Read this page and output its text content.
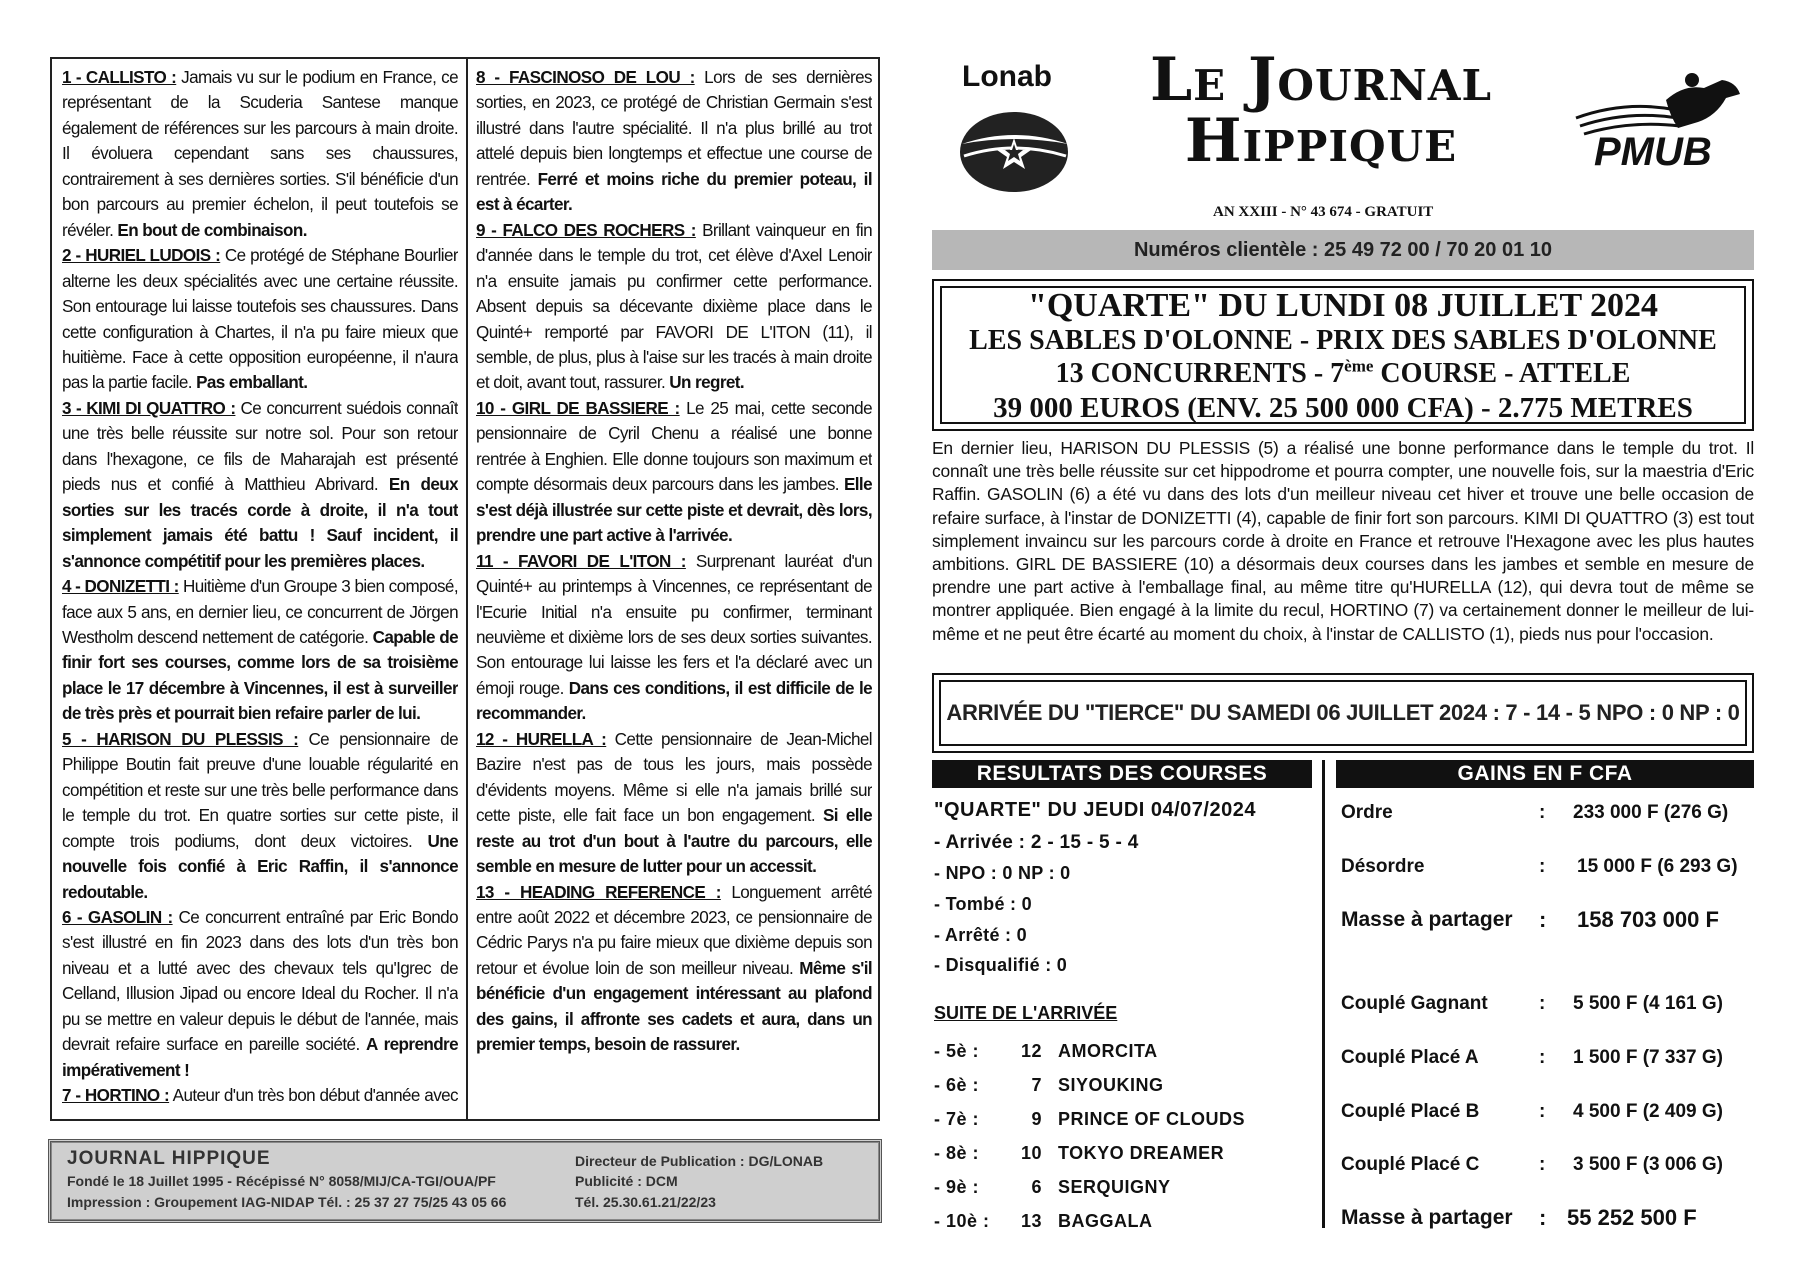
1 - CALLISTO : Jamais vu sur le podium en France, ce représentant de la Scuderia Santese manque également de références sur les parcours à main droite. Il évoluera cependant sans ses chaussures, contrairement à ses dernières sorties. S'il bénéficie d'un bon parcours au premier échelon, il peut toutefois se révéler. En bout de combinaison.

2 - HURIEL LUDOIS : Ce protégé de Stéphane Bourlier alterne les deux spécialités avec une certaine réussite. Son entourage lui laisse toutefois ses chaussures. Dans cette configuration à Chartes, il n'a pu faire mieux que huitième. Face à cette opposition européenne, il n'aura pas la partie facile. Pas emballant.

3 - KIMI DI QUATTRO : Ce concurrent suédois connaît une très belle réussite sur notre sol. Pour son retour dans l'hexagone, ce fils de Maharajah est présenté pieds nus et confié à Matthieu Abrivard. En deux sorties sur les tracés corde à droite, il n'a tout simplement jamais été battu ! Sauf incident, il s'annonce compétitif pour les premières places.

4 - DONIZETTI : Huitième d'un Groupe 3 bien composé, face aux 5 ans, en dernier lieu, ce concurrent de Jörgen Westholm descend nettement de catégorie. Capable de finir fort ses courses, comme lors de sa troisième place le 17 décembre à Vincennes, il est à surveiller de très près et pourrait bien refaire parler de lui.

5 - HARISON DU PLESSIS : Ce pensionnaire de Philippe Boutin fait preuve d'une louable régularité en compétition et reste sur une très belle performance dans le temple du trot. En quatre sorties sur cette piste, il compte trois podiums, dont deux victoires. Une nouvelle fois confié à Eric Raffin, il s'annonce redoutable.

6 - GASOLIN : Ce concurrent entraîné par Eric Bondo s'est illustré en fin 2023 dans des lots d'un très bon niveau et a lutté avec des chevaux tels qu'Igrec de Celland, Illusion Jipad ou encore Ideal du Rocher. Il n'a pu se mettre en valeur depuis le début de l'année, mais devrait refaire surface en pareille société. A reprendre impérativement !

7 - HORTINO : Auteur d'un très bon début d'année avec

8 - FASCINOSO DE LOU : Lors de ses dernières sorties, en 2023, ce protégé de Christian Germain s'est illustré dans l'autre spécialité. Il n'a plus brillé au trot attelé depuis bien longtemps et effectue une course de rentrée. Ferré et moins riche du premier poteau, il est à écarter.

9 - FALCO DES ROCHERS : Brillant vainqueur en fin d'année dans le temple du trot, cet élève d'Axel Lenoir n'a ensuite jamais pu confirmer cette performance. Absent depuis sa décevante dixième place dans le Quinté+ remporté par FAVORI DE L'ITON (11), il semble, de plus, plus à l'aise sur les tracés à main droite et doit, avant tout, rassurer. Un regret.

10 - GIRL DE BASSIERE : Le 25 mai, cette seconde pensionnaire de Cyril Chenu a réalisé une bonne rentrée à Enghien. Elle donne toujours son maximum et compte désormais deux parcours dans les jambes. Elle s'est déjà illustrée sur cette piste et devrait, dès lors, prendre une part active à l'arrivée.

11 - FAVORI DE L'ITON : Surprenant lauréat d'un Quinté+ au printemps à Vincennes, ce représentant de l'Ecurie Initial n'a ensuite pu confirmer, terminant neuvième et dixième lors de ses deux sorties suivantes. Son entourage lui laisse les fers et l'a déclaré avec un émoji rouge. Dans ces conditions, il est difficile de le recommander.

12 - HURELLA : Cette pensionnaire de Jean-Michel Bazire n'est pas de tous les jours, mais possède d'évidents moyens. Même si elle n'a jamais brillé sur cette piste, elle fait face un bon engagement. Si elle reste au trot d'un bout à l'autre du parcours, elle semble en mesure de lutter pour un accessit.

13 - HEADING REFERENCE : Longuement arrêté entre août 2022 et décembre 2023, ce pensionnaire de Cédric Parys n'a pu faire mieux que dixième depuis son retour et évolue loin de son meilleur niveau. Même s'il bénéficie d'un engagement intéressant au plafond des gains, il affronte ses cadets et aura, dans un premier temps, besoin de rassurer.

JOURNAL HIPPIQUE
Fondé le 18 Juillet 1995 - Récépissé N° 8058/MIJ/CA-TGI/OUA/PF
Impression : Groupement IAG-NIDAP Tél. : 25 37 27 75/25 43 05 66
Directeur de Publication : DG/LONAB
Publicité : DCM
Tél. 25.30.61.21/22/23
Lonab	Le Journal
Hippique
AN XXIII - N° 43 674 - GRATUIT
PMUB
Numéros clientèle : 25 49 72 00 / 70 20 01 10
"QUARTE" DU LUNDI 08 JUILLET 2024
LES SABLES D'OLONNE - PRIX DES SABLES D'OLONNE
13 CONCURRENTS - 7ème COURSE - ATTELE
39 000 EUROS (ENV. 25 500 000 CFA) - 2.775 METRES

En dernier lieu, HARISON DU PLESSIS (5) a réalisé une bonne performance dans le temple du trot. Il connaît une très belle réussite sur cet hippodrome et pourra compter, une nouvelle fois, sur la maestria d'Eric Raffin. GASOLIN (6) a été vu dans des lots d'un meilleur niveau cet hiver et trouve une belle occasion de refaire surface, à l'instar de DONIZETTI (4), capable de finir fort son parcours. KIMI DI QUATTRO (3) est tout simplement invaincu sur les parcours corde à droite en France et retrouve l'Hexagone avec les plus hautes ambitions. GIRL DE BASSIERE (10) a désormais deux courses dans les jambes et semble en mesure de prendre une part active à l'emballage final, au même titre qu'HURELLA (12), qui devra tout de même se montrer appliquée. Bien engagé à la limite du recul, HORTINO (7) va certainement donner le meilleur de lui-même et ne peut être écarté au moment du choix, à l'instar de CALLISTO (1), pieds nus pour l'occasion.

ARRIVÉE DU "TIERCE" DU SAMEDI 06 JUILLET 2024 : 7 - 14 - 5 NPO : 0 NP : 0
RESULTATS DES COURSES	GAINS EN F CFA
"QUARTE" DU JEUDI 04/07/2024
- Arrivée : 2 - 15 - 5 - 4
- NPO : 0 NP : 0
- Tombé : 0
- Arrêté : 0
- Disqualifié : 0
SUITE DE L'ARRIVÉE
- 5è :	12 AMORCITA
- 6è :	7 SIYOUKING
- 7è :	9 PRINCE OF CLOUDS
- 8è :	10 TOKYO DREAMER
- 9è :	6 SERQUIGNY
- 10è :	13 BAGGALA
Ordre	: 233 000 F (276 G)
Désordre	: 15 000 F (6 293 G)
Masse à partager : 158 703 000 F
Couplé Gagnant	: 5 500 F (4 161 G)
Couplé Placé A	: 1 500 F (7 337 G)
Couplé Placé B	: 4 500 F (2 409 G)
Couplé Placé C	: 3 500 F (3 006 G)
Masse à partager : 55 252 500 F
